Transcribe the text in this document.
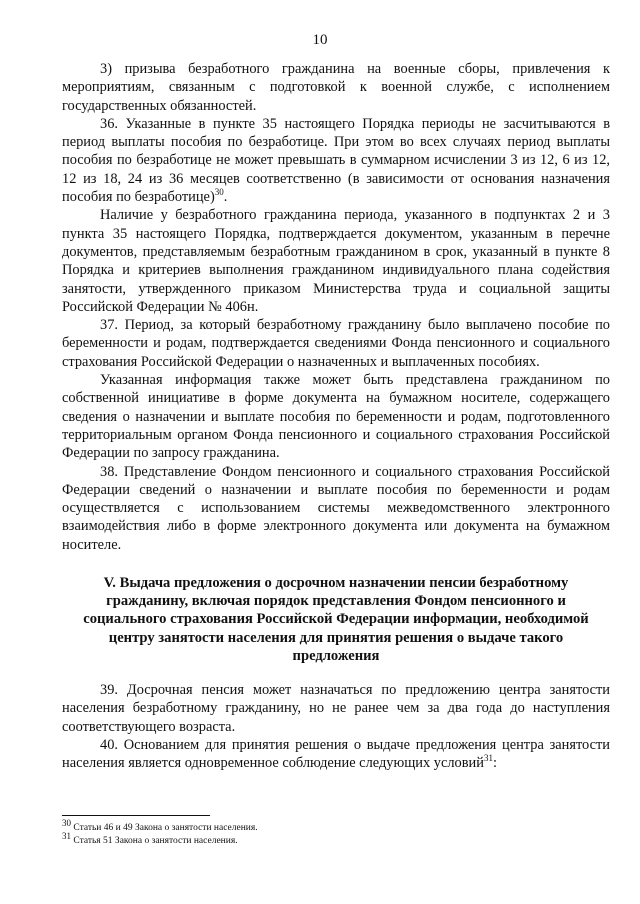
10

3) призыва безработного гражданина на военные сборы, привлечения к мероприятиям, связанным с подготовкой к военной службе, с исполнением государственных обязанностей.

36. Указанные в пункте 35 настоящего Порядка периоды не засчитываются в период выплаты пособия по безработице. При этом во всех случаях период выплаты пособия по безработице не может превышать в суммарном исчислении 3 из 12, 6 из 12, 12 из 18, 24 из 36 месяцев соответственно (в зависимости от основания назначения пособия по безработице)$^{30}$.

Наличие у безработного гражданина периода, указанного в подпунктах 2 и 3 пункта 35 настоящего Порядка, подтверждается документом, указанным в перечне документов, представляемым безработным гражданином в срок, указанный в пункте 8 Порядка и критериев выполнения гражданином индивидуального плана содействия занятости, утвержденного приказом Министерства труда и социальной защиты Российской Федерации № 406н.

37. Период, за который безработному гражданину было выплачено пособие по беременности и родам, подтверждается сведениями Фонда пенсионного и социального страхования Российской Федерации о назначенных и выплаченных пособиях.

Указанная информация также может быть представлена гражданином по собственной инициативе в форме документа на бумажном носителе, содержащего сведения о назначении и выплате пособия по беременности и родам, подготовленного территориальным органом Фонда пенсионного и социального страхования Российской Федерации по запросу гражданина.

38. Представление Фондом пенсионного и социального страхования Российской Федерации сведений о назначении и выплате пособия по беременности и родам осуществляется с использованием системы межведомственного электронного взаимодействия либо в форме электронного документа или документа на бумажном носителе.

V. Выдача предложения о досрочном назначении пенсии безработному гражданину, включая порядок представления Фондом пенсионного и социального страхования Российской Федерации информации, необходимой центру занятости населения для принятия решения о выдаче такого предложения

39. Досрочная пенсия может назначаться по предложению центра занятости населения безработному гражданину, но не ранее чем за два года до наступления соответствующего возраста.

40. Основанием для принятия решения о выдаче предложения центра занятости населения является одновременное соблюдение следующих условий$^{31}$:

$^{30}$ Статьи 46 и 49 Закона о занятости населения.
$^{31}$ Статья 51 Закона о занятости населения.
